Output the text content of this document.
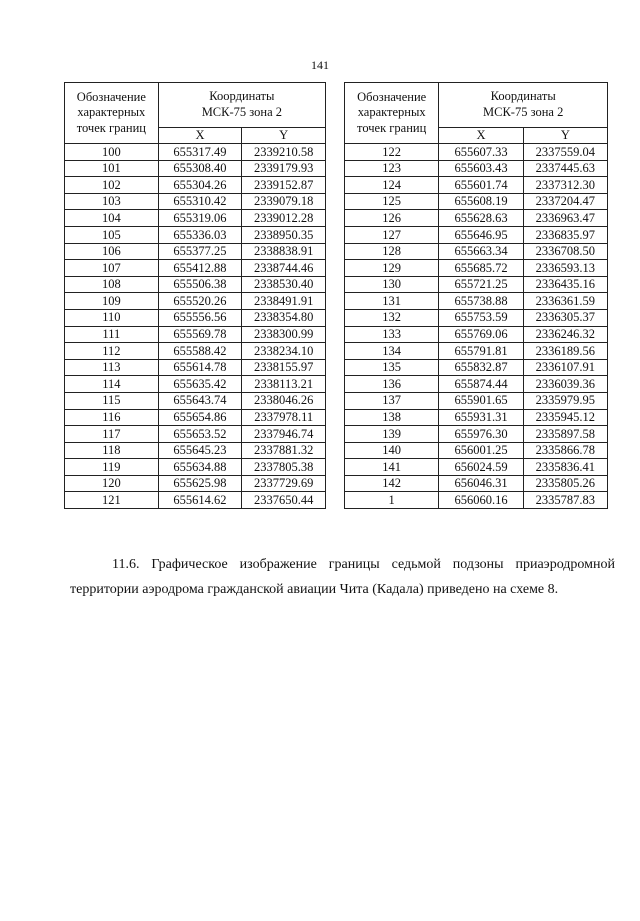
141
Обозначение
характерных
точек границ	Координаты
МСК-75 зона 2	
	X	Y
100	655317.49	2339210.58
101	655308.40	2339179.93
102	655304.26	2339152.87
103	655310.42	2339079.18
104	655319.06	2339012.28
105	655336.03	2338950.35
106	655377.25	2338838.91
107	655412.88	2338744.46
108	655506.38	2338530.40
109	655520.26	2338491.91
110	655556.56	2338354.80
111	655569.78	2338300.99
112	655588.42	2338234.10
113	655614.78	2338155.97
114	655635.42	2338113.21
115	655643.74	2338046.26
116	655654.86	2337978.11
117	655653.52	2337946.74
118	655645.23	2337881.32
119	655634.88	2337805.38
120	655625.98	2337729.69
121	655614.62	2337650.44
Обозначение
характерных
точек границ	Координаты
МСК-75 зона 2	
	X	Y
122	655607.33	2337559.04
123	655603.43	2337445.63
124	655601.74	2337312.30
125	655608.19	2337204.47
126	655628.63	2336963.47
127	655646.95	2336835.97
128	655663.34	2336708.50
129	655685.72	2336593.13
130	655721.25	2336435.16
131	655738.88	2336361.59
132	655753.59	2336305.37
133	655769.06	2336246.32
134	655791.81	2336189.56
135	655832.87	2336107.91
136	655874.44	2336039.36
137	655901.65	2335979.95
138	655931.31	2335945.12
139	655976.30	2335897.58
140	656001.25	2335866.78
141	656024.59	2335836.41
142	656046.31	2335805.26
1	656060.16	2335787.83
11.6. Графическое изображение границы седьмой подзоны приаэродромной
территории аэродрома гражданской авиации Чита (Кадала) приведено на схеме 8.
